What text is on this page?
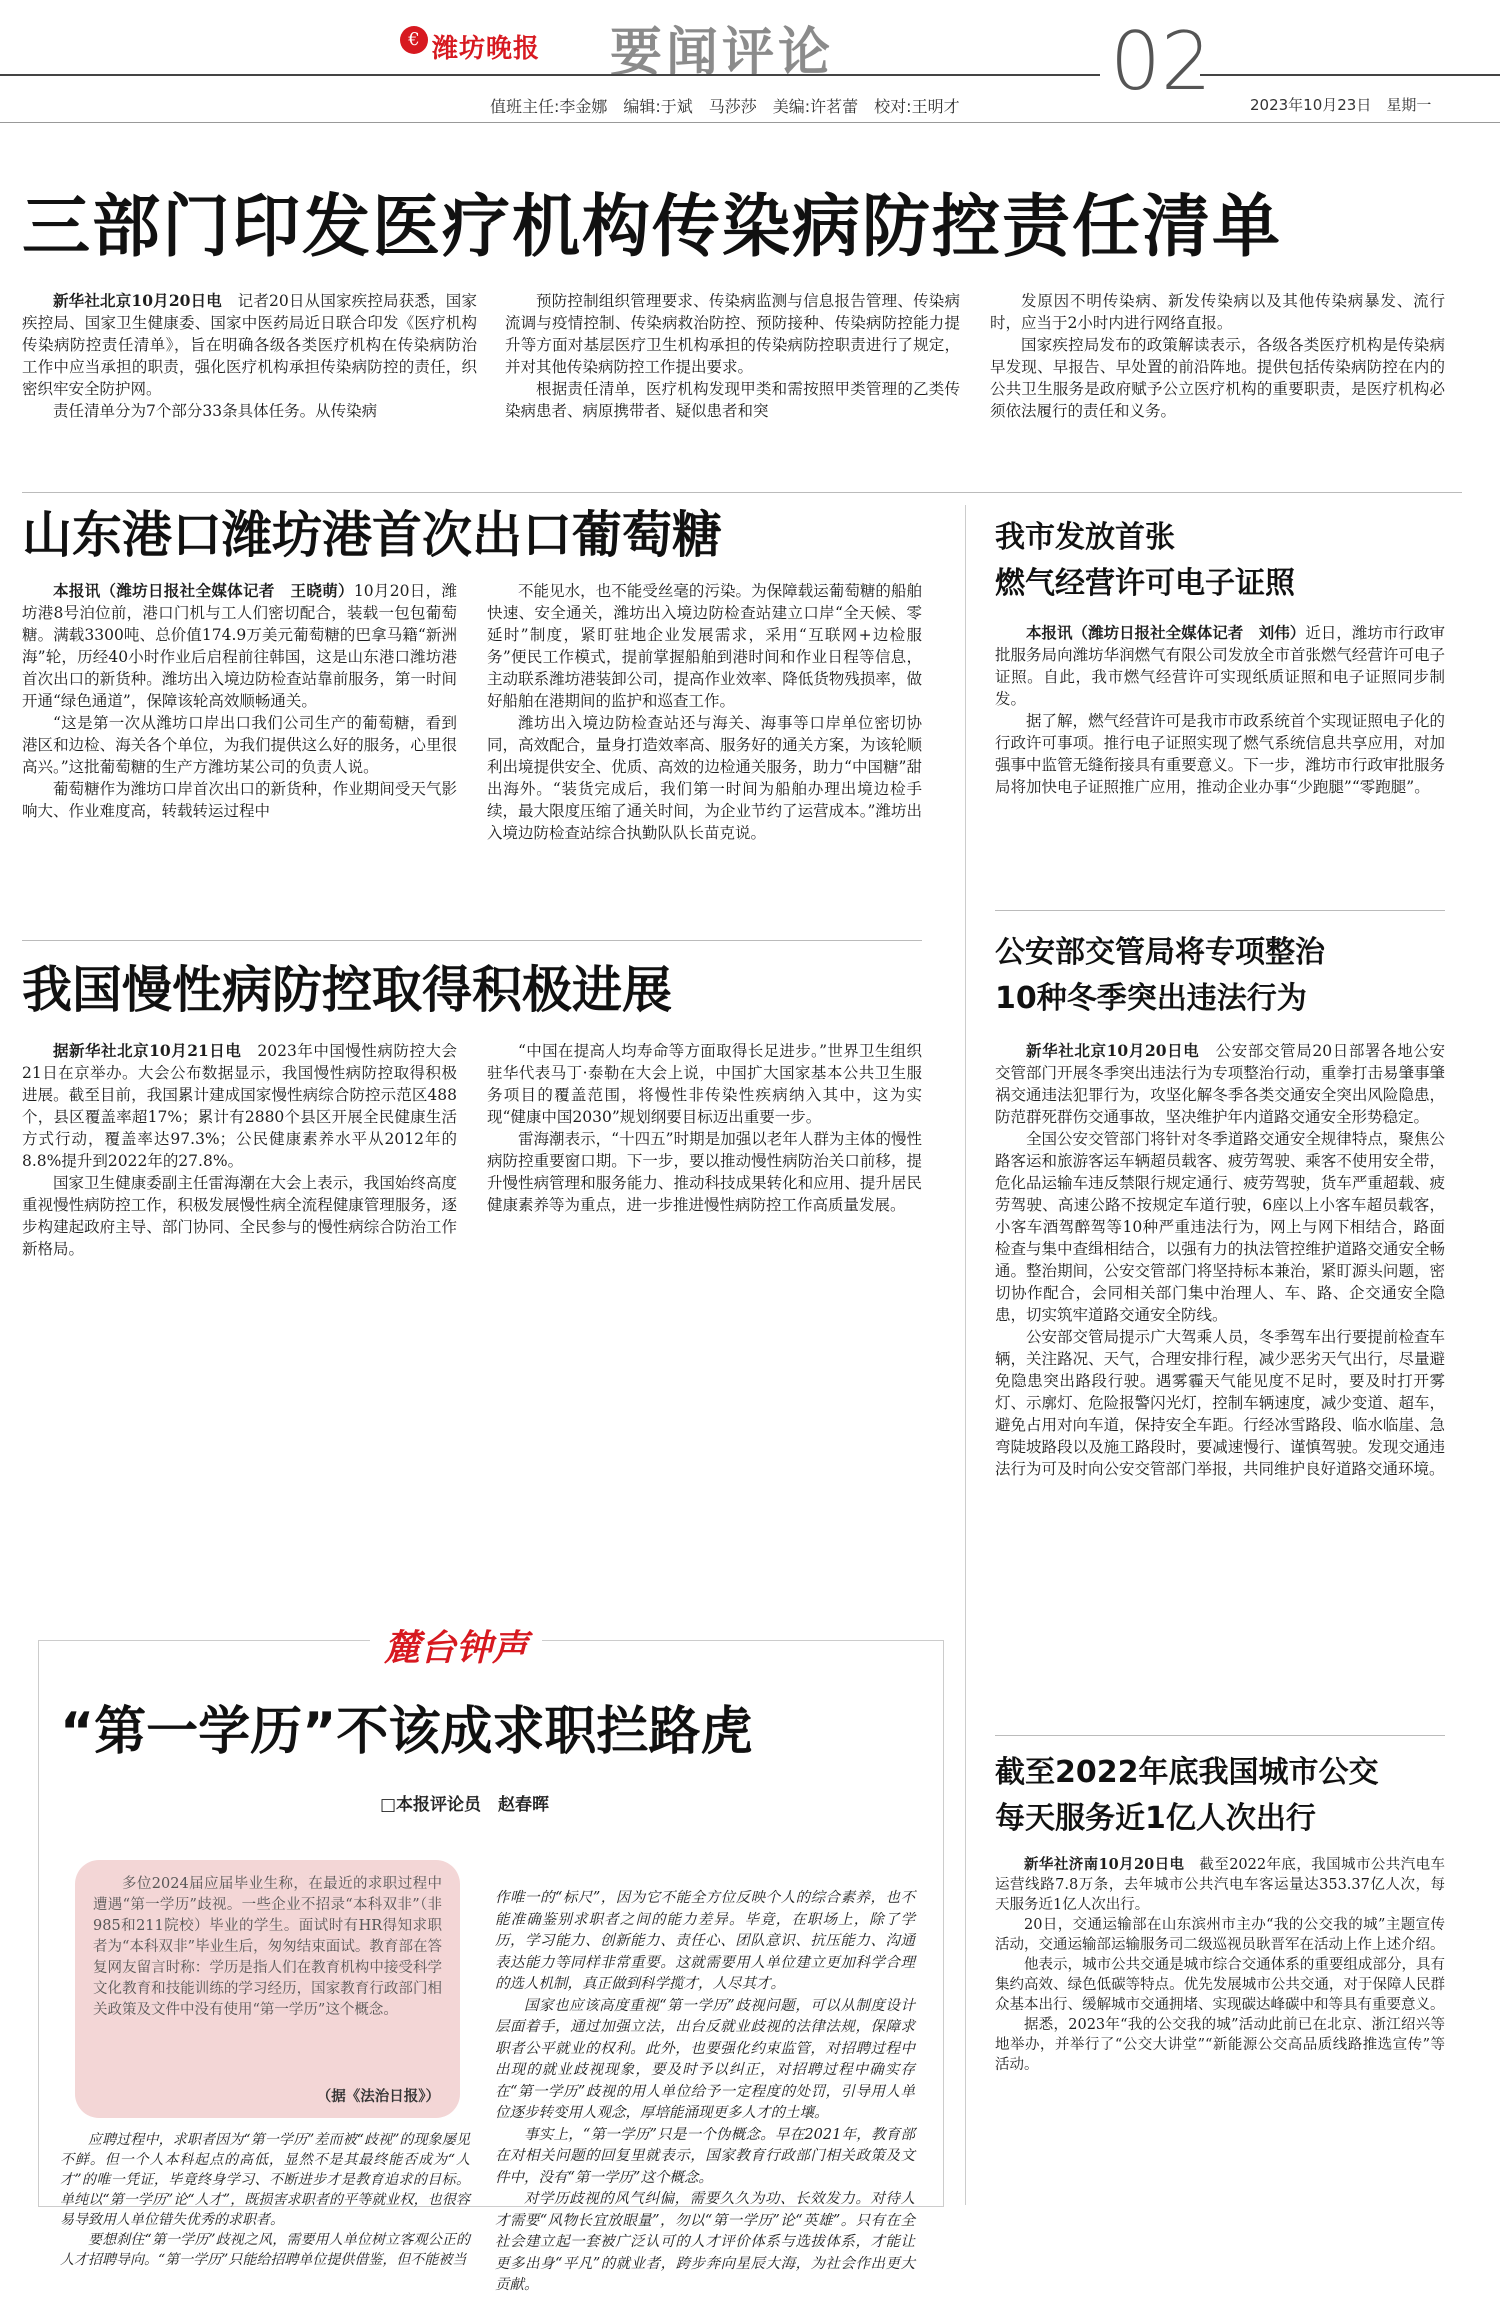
€ 潍坊晚报 要闻评论	02
值班主任:李金娜　编辑:于斌　马莎莎　美编:许茗蕾　校对:王明才	2023年10月23日　星期一
三部门印发医疗机构传染病防控责任清单

新华社北京10月20日电　 记者20日从国家疾控局获悉，国家疾控局、国家卫生健康委、国家中医药局近日联合印发《医疗机构传染病防控责任清单》，旨在明确各级各类医疗机构在传染病防治工作中应当承担的职责，强化医疗机构承担传染病防控的责任，织密织牢安全防护网。

责任清单分为7个部分33条具体任务。从传染病

预防控制组织管理要求、传染病监测与信息报告管理、传染病流调与疫情控制、传染病救治防控、预防接种、传染病防控能力提升等方面对基层医疗卫生机构承担的传染病防控职责进行了规定，并对其他传染病防控工作提出要求。

根据责任清单，医疗机构发现甲类和需按照甲类管理的乙类传染病患者、病原携带者、疑似患者和突

发原因不明传染病、新发传染病以及其他传染病暴发、流行时，应当于2小时内进行网络直报。

国家疾控局发布的政策解读表示，各级各类医疗机构是传染病早发现、早报告、早处置的前沿阵地。提供包括传染病防控在内的公共卫生服务是政府赋予公立医疗机构的重要职责，是医疗机构必须依法履行的责任和义务。

山东港口潍坊港首次出口葡萄糖

本报讯（潍坊日报社全媒体记者　王晓萌）10月20日，潍坊港8号泊位前，港口门机与工人们密切配合，装载一包包葡萄糖。满载3300吨、总价值174.9万美元葡萄糖的巴拿马籍“新洲海”轮，历经40小时作业后启程前往韩国，这是山东港口潍坊港首次出口的新货种。潍坊出入境边防检查站靠前服务，第一时间开通“绿色通道”，保障该轮高效顺畅通关。

“这是第一次从潍坊口岸出口我们公司生产的葡萄糖，看到港区和边检、海关各个单位，为我们提供这么好的服务，心里很高兴。”这批葡萄糖的生产方潍坊某公司的负责人说。

葡萄糖作为潍坊口岸首次出口的新货种，作业期间受天气影响大、作业难度高，转载转运过程中

不能见水，也不能受丝毫的污染。为保障载运葡萄糖的船舶快速、安全通关，潍坊出入境边防检查站建立口岸“全天候、零延时”制度，紧盯驻地企业发展需求，采用“互联网+边检服务”便民工作模式，提前掌握船舶到港时间和作业日程等信息，主动联系潍坊港装卸公司，提高作业效率、降低货物残损率，做好船舶在港期间的监护和巡查工作。

潍坊出入境边防检查站还与海关、海事等口岸单位密切协同，高效配合，量身打造效率高、服务好的通关方案，为该轮顺利出境提供安全、优质、高效的边检通关服务，助力“中国糖”甜出海外。“装货完成后，我们第一时间为船舶办理出境边检手续，最大限度压缩了通关时间，为企业节约了运营成本。”潍坊出入境边防检查站综合执勤队队长苗克说。

我国慢性病防控取得积极进展

据新华社北京10月21日电　 2023年中国慢性病防控大会21日在京举办。大会公布数据显示，我国慢性病防控取得积极进展。截至目前，我国累计建成国家慢性病综合防控示范区488个，县区覆盖率超17%；累计有2880个县区开展全民健康生活方式行动，覆盖率达97.3%；公民健康素养水平从2012年的8.8%提升到2022年的27.8%。

国家卫生健康委副主任雷海潮在大会上表示，我国始终高度重视慢性病防控工作，积极发展慢性病全流程健康管理服务，逐步构建起政府主导、部门协同、全民参与的慢性病综合防治工作新格局。

“中国在提高人均寿命等方面取得长足进步。”世界卫生组织驻华代表马丁·泰勒在大会上说，中国扩大国家基本公共卫生服务项目的覆盖范围，将慢性非传染性疾病纳入其中，这为实现“健康中国2030”规划纲要目标迈出重要一步。

雷海潮表示，“十四五”时期是加强以老年人群为主体的慢性病防控重要窗口期。下一步，要以推动慢性病防治关口前移，提升慢性病管理和服务能力、推动科技成果转化和应用、提升居民健康素养等为重点，进一步推进慢性病防控工作高质量发展。

我市发放首张
燃气经营许可电子证照

本报讯（潍坊日报社全媒体记者　刘伟）近日，潍坊市行政审批服务局向潍坊华润燃气有限公司发放全市首张燃气经营许可电子证照。自此，我市燃气经营许可实现纸质证照和电子证照同步制发。

据了解，燃气经营许可是我市市政系统首个实现证照电子化的行政许可事项。推行电子证照实现了燃气系统信息共享应用，对加强事中监管无缝衔接具有重要意义。下一步，潍坊市行政审批服务局将加快电子证照推广应用，推动企业办事“少跑腿”“零跑腿”。

公安部交管局将专项整治
10种冬季突出违法行为

新华社北京10月20日电　 公安部交管局20日部署各地公安交管部门开展冬季突出违法行为专项整治行动，重拳打击易肇事肇祸交通违法犯罪行为，攻坚化解冬季各类交通安全突出风险隐患，防范群死群伤交通事故，坚决维护年内道路交通安全形势稳定。

全国公安交管部门将针对冬季道路交通安全规律特点，聚焦公路客运和旅游客运车辆超员载客、疲劳驾驶、乘客不使用安全带，危化品运输车违反禁限行规定通行、疲劳驾驶，货车严重超载、疲劳驾驶、高速公路不按规定车道行驶，6座以上小客车超员载客，小客车酒驾醉驾等10种严重违法行为，网上与网下相结合，路面检查与集中查缉相结合，以强有力的执法管控维护道路交通安全畅通。整治期间，公安交管部门将坚持标本兼治，紧盯源头问题，密切协作配合，会同相关部门集中治理人、车、路、企交通安全隐患，切实筑牢道路交通安全防线。

公安部交管局提示广大驾乘人员，冬季驾车出行要提前检查车辆，关注路况、天气，合理安排行程，减少恶劣天气出行，尽量避免隐患突出路段行驶。遇雾霾天气能见度不足时，要及时打开雾灯、示廓灯、危险报警闪光灯，控制车辆速度，减少变道、超车，避免占用对向车道，保持安全车距。行经冰雪路段、临水临崖、急弯陡坡路段以及施工路段时，要减速慢行、谨慎驾驶。发现交通违法行为可及时向公安交管部门举报，共同维护良好道路交通环境。

截至2022年底我国城市公交
每天服务近1亿人次出行

新华社济南10月20日电　 截至2022年底，我国城市公共汽电车运营线路7.8万条，去年城市公共汽电车客运量达353.37亿人次，每天服务近1亿人次出行。

20日，交通运输部在山东滨州市主办“我的公交我的城”主题宣传活动，交通运输部运输服务司二级巡视员耿晋军在活动上作上述介绍。

他表示，城市公共交通是城市综合交通体系的重要组成部分，具有集约高效、绿色低碳等特点。优先发展城市公共交通，对于保障人民群众基本出行、缓解城市交通拥堵、实现碳达峰碳中和等具有重要意义。

据悉，2023年“我的公交我的城”活动此前已在北京、浙江绍兴等地举办，并举行了“公交大讲堂”“新能源公交高品质线路推选宣传”等活动。

麓台钟声
“第一学历”不该成求职拦路虎
□本报评论员　赵春晖
多位2024届应届毕业生称，在最近的求职过程中遭遇“第一学历”歧视。一些企业不招录“本科双非”（非985和211院校）毕业的学生。面试时有HR得知求职者为“本科双非”毕业生后，匆匆结束面试。教育部在答复网友留言时称：学历是指人们在教育机构中接受科学文化教育和技能训练的学习经历，国家教育行政部门相关政策及文件中没有使用“第一学历”这个概念。
（据《法治日报》）

作唯一的“标尺”，因为它不能全方位反映个人的综合素养，也不能准确鉴别求职者之间的能力差异。毕竟，在职场上，除了学历，学习能力、创新能力、责任心、团队意识、抗压能力、沟通表达能力等同样非常重要。这就需要用人单位建立更加科学合理的选人机制，真正做到科学揽才，人尽其才。

国家也应该高度重视“第一学历”歧视问题，可以从制度设计层面着手，通过加强立法，出台反就业歧视的法律法规，保障求职者公平就业的权利。此外，也要强化约束监管，对招聘过程中出现的就业歧视现象，要及时予以纠正，对招聘过程中确实存在“第一学历”歧视的用人单位给予一定程度的处罚，引导用人单位逐步转变用人观念，厚培能涌现更多人才的土壤。

事实上，“第一学历”只是一个伪概念。早在2021年，教育部在对相关问题的回复里就表示，国家教育行政部门相关政策及文件中，没有“第一学历”这个概念。

对学历歧视的风气纠偏，需要久久为功、长效发力。对待人才需要“风物长宜放眼量”，勿以“第一学历”论“英雄”。只有在全社会建立起一套被广泛认可的人才评价体系与选拔体系，才能让更多出身“平凡”的就业者，跨步奔向星辰大海，为社会作出更大贡献。

应聘过程中，求职者因为“第一学历”差而被“歧视”的现象屡见不鲜。但一个人本科起点的高低，显然不是其最终能否成为“人才”的唯一凭证，毕竟终身学习、不断进步才是教育追求的目标。单纯以“第一学历”论“人才”，既损害求职者的平等就业权，也很容易导致用人单位错失优秀的求职者。

要想刹住“第一学历”歧视之风，需要用人单位树立客观公正的人才招聘导向。“第一学历”只能给招聘单位提供借鉴，但不能被当
